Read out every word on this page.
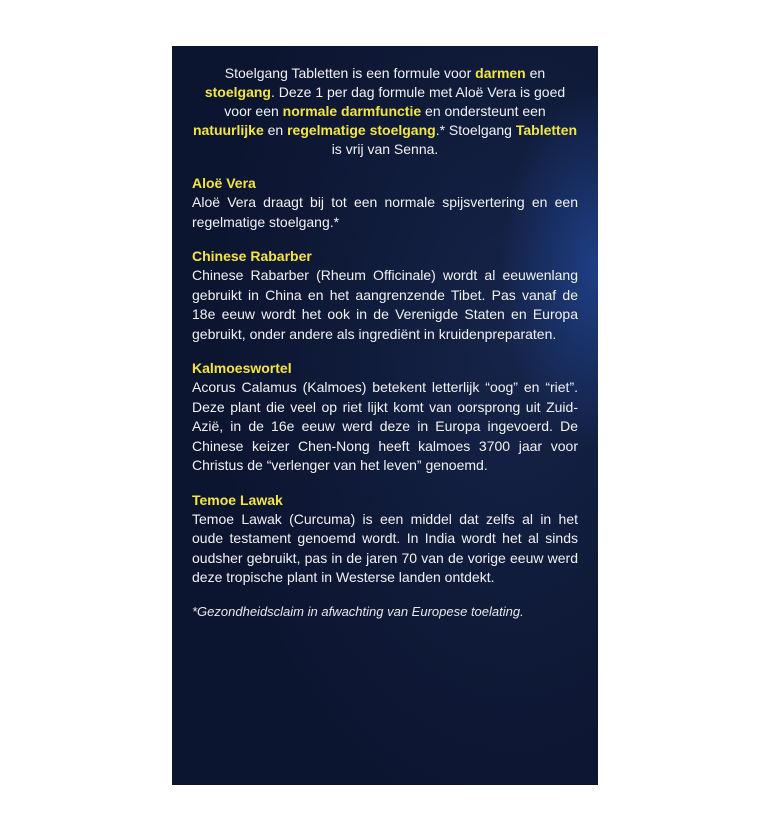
Stoelgang Tabletten is een formule voor darmen en
stoelgang. Deze 1 per dag formule met Aloë Vera is goed voor een normale darmfunctie en ondersteunt een natuurlijke en regelmatige stoelgang.* Stoelgang Tabletten is vrij van Senna.

Aloë Vera

Aloë Vera draagt bij tot een normale spijsvertering en een regelmatige stoelgang.*

Chinese Rabarber

Chinese Rabarber (Rheum Officinale) wordt al eeuwenlang gebruikt in China en het aangrenzende Tibet. Pas vanaf de 18e eeuw wordt het ook in de Verenigde Staten en Europa gebruikt, onder andere als ingrediënt in kruidenpreparaten.

Kalmoeswortel

Acorus Calamus (Kalmoes) betekent letterlijk “oog” en “riet”. Deze plant die veel op riet lijkt komt van oorsprong uit Zuid-Azië, in de 16e eeuw werd deze in Europa ingevoerd. De Chinese keizer Chen-Nong heeft kalmoes 3700 jaar voor Christus de “verlenger van het leven” genoemd.

Temoe Lawak

Temoe Lawak (Curcuma) is een middel dat zelfs al in het oude testament genoemd wordt. In India wordt het al sinds oudsher gebruikt, pas in de jaren 70 van de vorige eeuw werd deze tropische plant in Westerse landen ontdekt.

*Gezondheidsclaim in afwachting van Europese toelating.
